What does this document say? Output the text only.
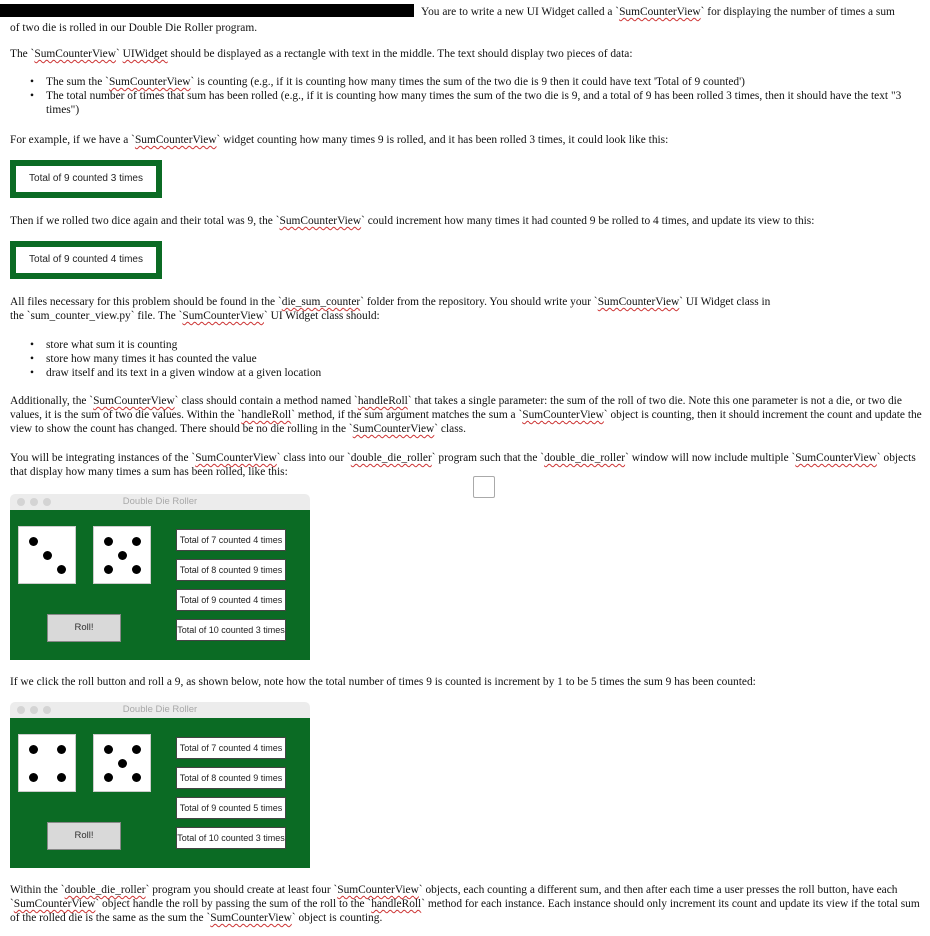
You are to write a new UI Widget called a `SumCounterView` for displaying the number of times a sum
of two die is rolled in our Double Die Roller program.
The `SumCounterView` UIWidget should be displayed as a rectangle with text in the middle. The text should display two pieces of data:
• The sum the `SumCounterView` is counting (e.g., if it is counting how many times the sum of the two die is 9 then it could have text 'Total of 9 counted')
• The total number of times that sum has been rolled (e.g., if it is counting how many times the sum of the two die is 9, and a total of 9 has been rolled 3 times, then it should have the text "3 times")
For example, if we have a `SumCounterView` widget counting how many times 9 is rolled, and it has been rolled 3 times, it could look like this:
Total of 9 counted 3 times
Then if we rolled two dice again and their total was 9, the `SumCounterView` could increment how many times it had counted 9 be rolled to 4 times, and update its view to this:
Total of 9 counted 4 times
All files necessary for this problem should be found in the `die_sum_counter` folder from the repository. You should write your `SumCounterView` UI Widget class in
the `sum_counter_view.py` file. The `SumCounterView` UI Widget class should:
• store what sum it is counting
• store how many times it has counted the value
• draw itself and its text in a given window at a given location
Additionally, the `SumCounterView` class should contain a method named `handleRoll` that takes a single parameter: the sum of the roll of two die. Note this one parameter is not a die, or two die values, it is the sum of two die values. Within the `handleRoll` method, if the sum argument matches the sum a `SumCounterView` object is counting, then it should increment the count and update the view to show the count has changed. There should be no die rolling in the `SumCounterView` class.
You will be integrating instances of the `SumCounterView` class into our `double_die_roller` program such that the `double_die_roller` window will now include multiple `SumCounterView` objects that display how many times a sum has been rolled, like this:
Double Die Roller
Roll!
Total of 7 counted 4 times
Total of 8 counted 9 times
Total of 9 counted 4 times
Total of 10 counted 3 times
If we click the roll button and roll a 9, as shown below, note how the total number of times 9 is counted is increment by 1 to be 5 times the sum 9 has been counted:
Double Die Roller
Roll!
Total of 7 counted 4 times
Total of 8 counted 9 times
Total of 9 counted 5 times
Total of 10 counted 3 times
Within the `double_die_roller` program you should create at least four `SumCounterView` objects, each counting a different sum, and then after each time a user presses the roll button, have each `SumCounterView` object handle the roll by passing the sum of the roll to the `handleRoll` method for each instance. Each instance should only increment its count and update its view if the total sum of the rolled die is the same as the sum the `SumCounterView` object is counting.
